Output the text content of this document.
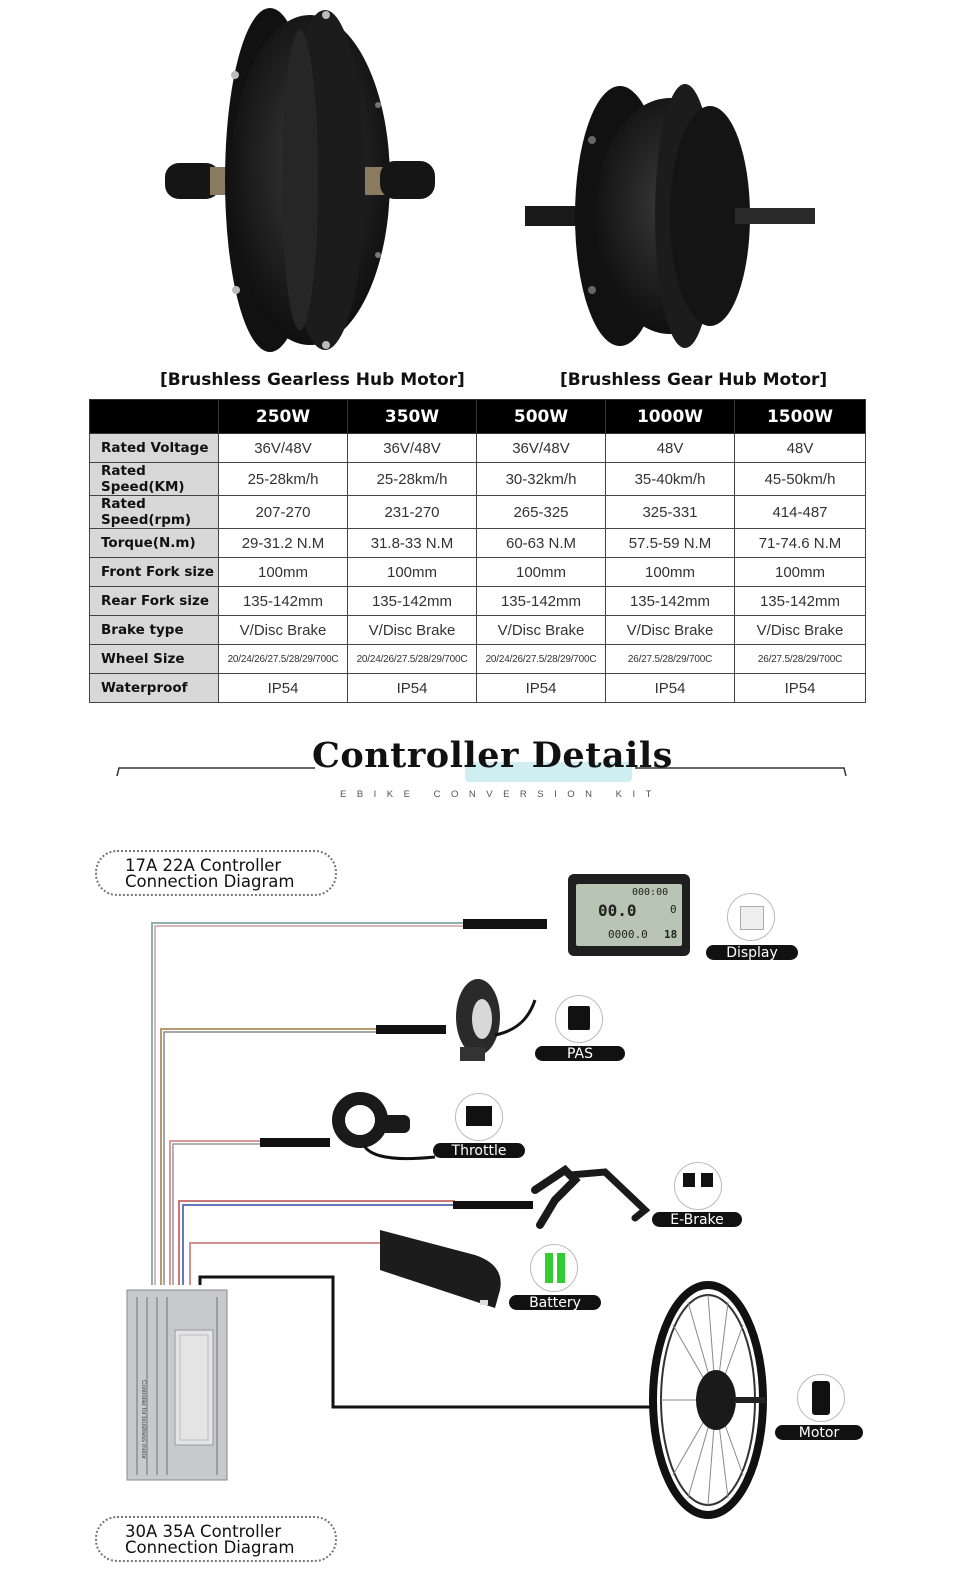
[Brushless Gearless Hub Motor]	[Brushless Gear Hub Motor]
	250W	350W	500W	1000W	1500W
Rated Voltage	36V/48V	36V/48V	36V/48V	48V	48V
Rated Speed(KM)	25-28km/h	25-28km/h	30-32km/h	35-40km/h	45-50km/h
Rated Speed(rpm)	207-270	231-270	265-325	325-331	414-487
Torque(N.m)	29-31.2 N.M	31.8-33 N.M	60-63 N.M	57.5-59 N.M	71-74.6 N.M
Front Fork size	100mm	100mm	100mm	100mm	100mm
Rear Fork size	135-142mm	135-142mm	135-142mm	135-142mm	135-142mm
Brake type	V/Disc Brake	V/Disc Brake	V/Disc Brake	V/Disc Brake	V/Disc Brake
Wheel Size	20/24/26/27.5/28/29/700C	20/24/26/27.5/28/29/700C	20/24/26/27.5/28/29/700C	26/27.5/28/29/700C	26/27.5/28/29/700C
Waterproof	IP54	IP54	IP54	IP54	IP54
Controller Details
EBIKE CONVERSION KIT
17A 22A Controller
Connection Diagram
30A 35A Controller
Connection Diagram
Controller for brushless motor
000:00
00.0	0
0000.0 18
Display
PAS
Throttle
E-Brake
Battery
Motor
